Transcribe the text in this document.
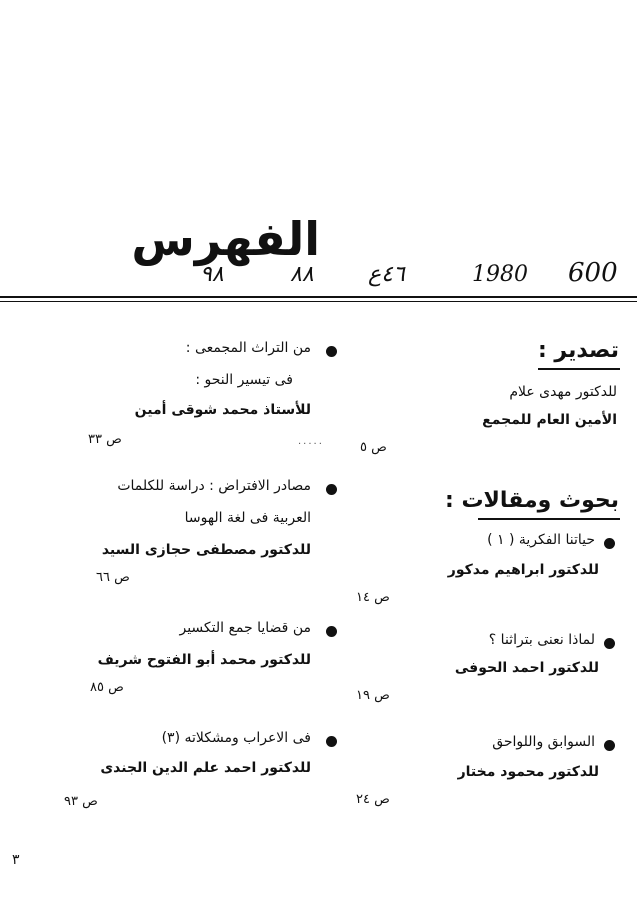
الفهرس
٩٨	٨٨ ٤٦ع	1980 600
تصدير :
للدكتور مهدى علام
الأمين العام للمجمع
ص ٥
بحوث ومقالات :
حياتنا الفكرية ( ١ )
للدكتور ابراهيم مدكور
ص ١٤
لماذا نعنى بتراثنا ؟
للدكتور احمد الحوفى
ص ١٩
السوابق واللواحق
للدكتور محمود مختار
ص ٢٤
من التراث المجمعى :
فى تيسير النحو :
للأستاذ محمد شوقى أمين
ص ٣٣	.....
مصادر الافتراض : دراسة للكلمات
العربية فى لغة الهوسا
للدكتور مصطفى حجازى السيد
ص ٦٦
من قضايا جمع التكسير
للدكتور محمد أبو الفتوح شريف
ص ٨٥
فى الاعراب ومشكلاته (٣)
للدكتور احمد علم الدين الجندى
ص ٩٣
٣
